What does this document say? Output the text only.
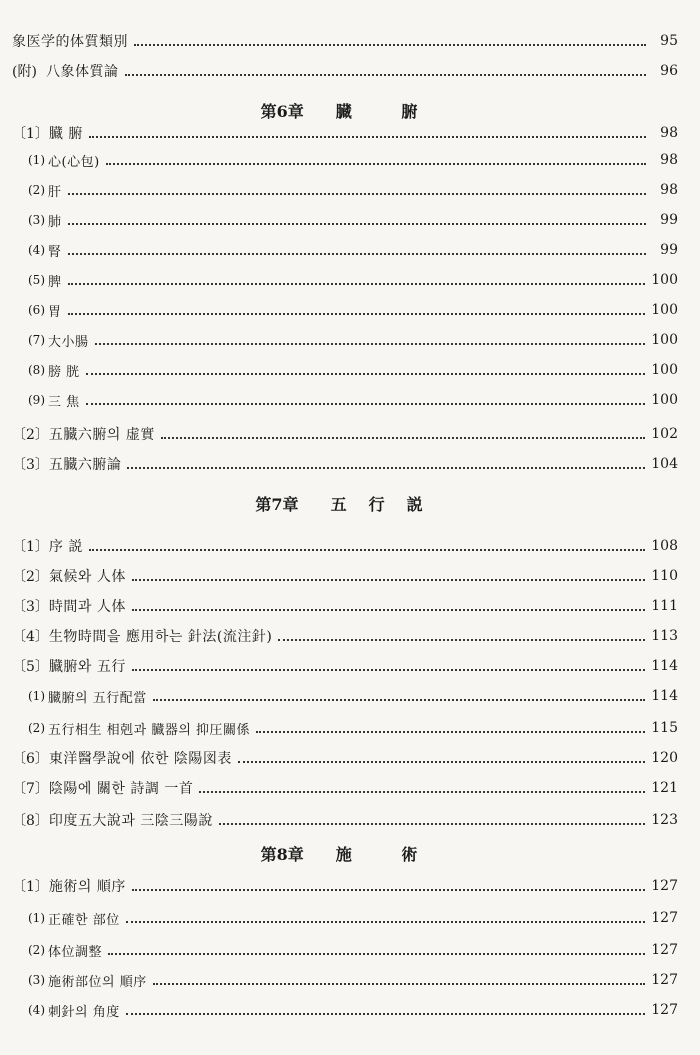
象医学的体質類別	95
(附) 八象体質論	96
第6章 臓 腑
〔1〕 臓 腑	98
(1) 心(心包)	98
(2) 肝	98
(3) 肺	99
(4) 腎	99
(5) 脾	100
(6) 胃	100
(7) 大小腸	100
(8) 膀 胱	100
(9) 三 焦	100
〔2〕 五臓六腑의 虚實	102
〔3〕 五臓六腑論	104
第7章 五行説
〔1〕 序 説	108
〔2〕 氣候와 人体	110
〔3〕 時間과 人体	111
〔4〕 生物時間을 應用하는 針法(流注針)	113
〔5〕 臓腑와 五行	114
(1) 臓腑의 五行配當	114
(2) 五行相生 相剋과 臓器의 抑圧關係	115
〔6〕 東洋醫學說에 依한 陰陽図表	120
〔7〕 陰陽에 關한 詩調 一首	121
〔8〕 印度五大說과 三陰三陽說	123
第8章 施 術
〔1〕 施術의 順序	127
(1) 正確한 部位	127
(2) 体位調整	127
(3) 施術部位의 順序	127
(4) 刺針의 角度	127
